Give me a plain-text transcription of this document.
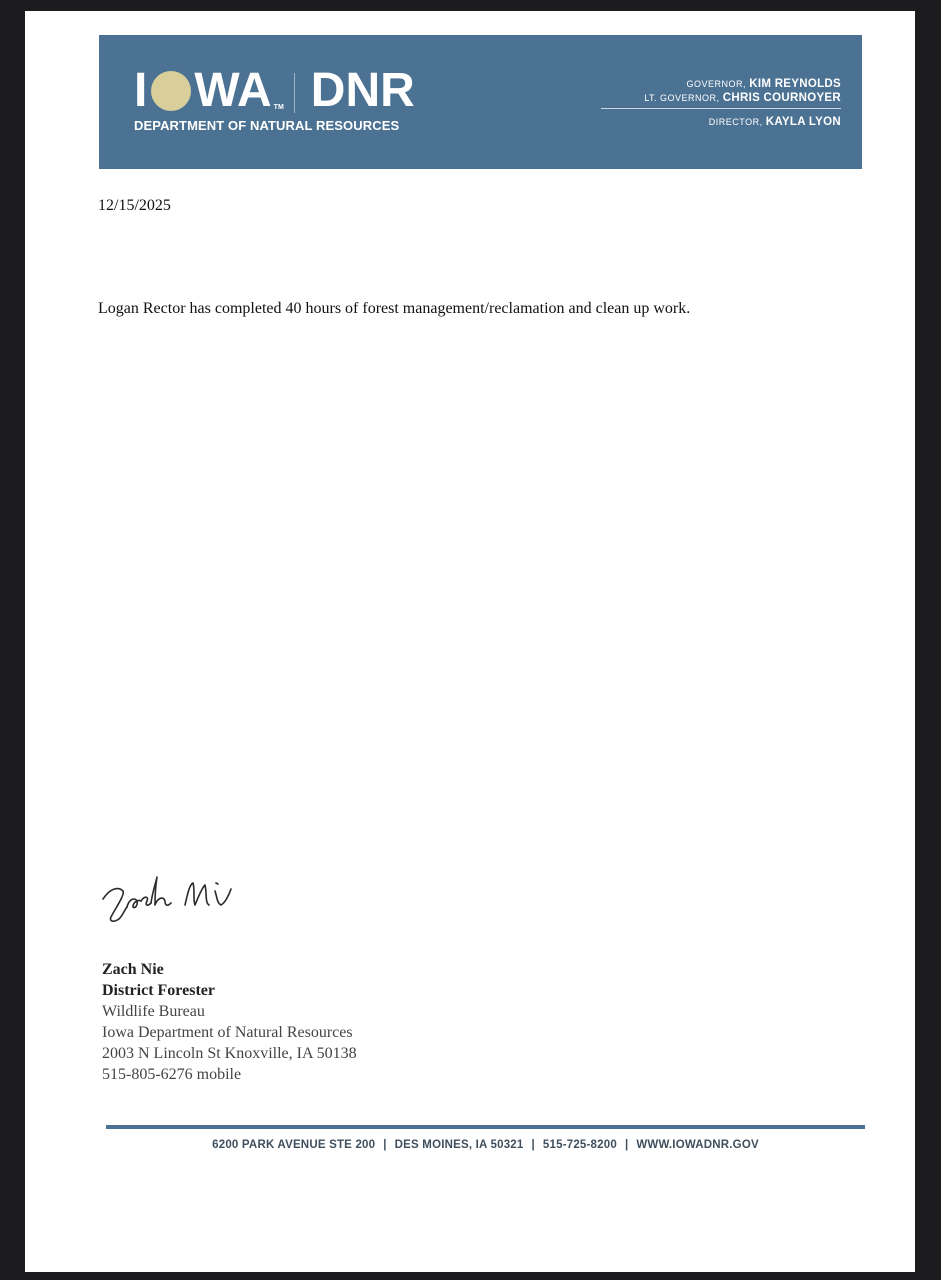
I WA TM DNR
DEPARTMENT OF NATURAL RESOURCES
GOVERNOR, KIM REYNOLDS
LT. GOVERNOR, CHRIS COURNOYER
DIRECTOR, KAYLA LYON
12/15/2025
Logan Rector has completed 40 hours of forest management/reclamation and clean up work.
Zach Nie
District Forester
Wildlife Bureau
Iowa Department of Natural Resources
2003 N Lincoln St Knoxville, IA 50138
515-805-6276 mobile
6200 PARK AVENUE STE 200 | DES MOINES, IA 50321 | 515-725-8200 | WWW.IOWADNR.GOV
